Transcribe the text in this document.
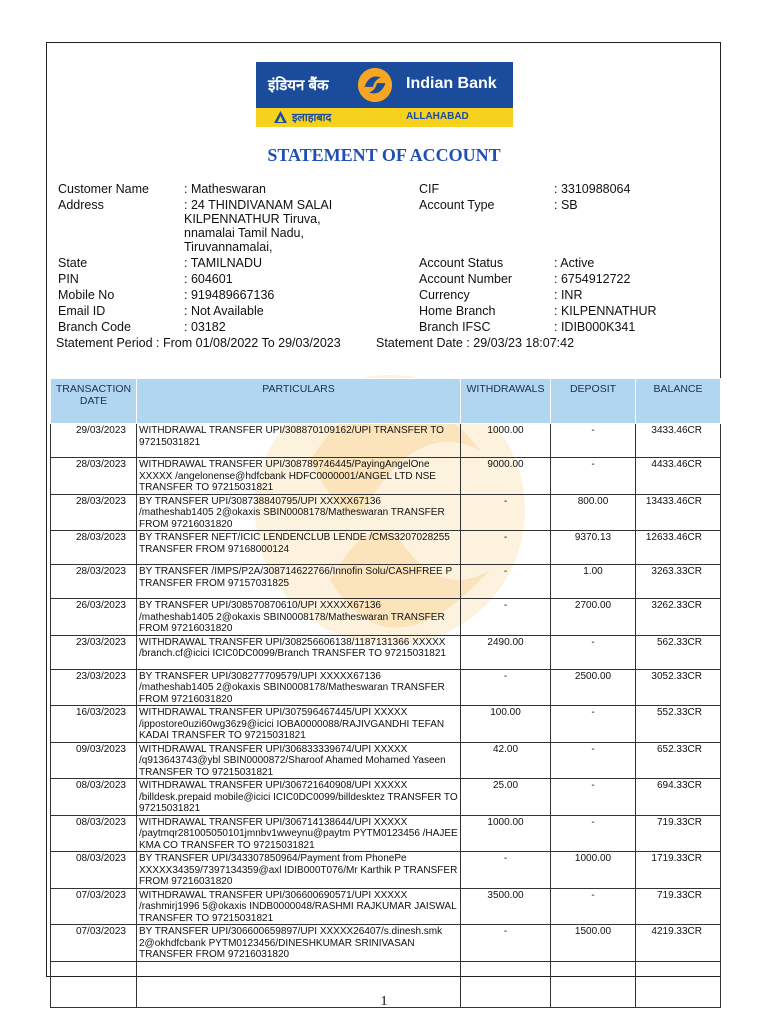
इंडियन बैंक	Indian Bank
इलाहाबाद	ALLAHABAD
STATEMENT OF ACCOUNT
Customer Name	: Matheswaran
Address	: 24 THINDIVANAM SALAI
KILPENNATHUR Tiruva,
nnamalai Tamil Nadu,
Tiruvannamalai,
State	: TAMILNADU
PIN	: 604601
Mobile No	: 919489667136
Email ID	: Not Available
Branch Code	: 03182
CIF	: 3310988064
Account Type	: SB
Account Status	: Active
Account Number	: 6754912722
Currency	: INR
Home Branch	: KILPENNATHUR
Branch IFSC	: IDIB000K341
Statement Period : From 01/08/2022 To 29/03/2023	Statement Date : 29/03/23 18:07:42
TRANSACTION DATE	PARTICULARS	WITHDRAWALS	DEPOSIT	BALANCE
29/03/2023	WITHDRAWAL TRANSFER UPI/308870109162/UPI TRANSFER TO 97215031821	1000.00	-	3433.46CR
28/03/2023	WITHDRAWAL TRANSFER UPI/308789746445/PayingAngelOne XXXXX /angelonense@hdfcbank HDFC0000001/ANGEL LTD NSE TRANSFER TO 97215031821	9000.00	-	4433.46CR
28/03/2023	BY TRANSFER UPI/308738840795/UPI XXXXX67136 /matheshab1405 2@okaxis SBIN0008178/Matheswaran TRANSFER FROM 97216031820	-	800.00	13433.46CR
28/03/2023	BY TRANSFER NEFT/ICIC LENDENCLUB LENDE /CMS3207028255 TRANSFER FROM 97168000124	-	9370.13	12633.46CR
28/03/2023	BY TRANSFER /IMPS/P2A/308714622766/Innofin Solu/CASHFREE P TRANSFER FROM 97157031825	-	1.00	3263.33CR
26/03/2023	BY TRANSFER UPI/308570870610/UPI XXXXX67136 /matheshab1405 2@okaxis SBIN0008178/Matheswaran TRANSFER FROM 97216031820	-	2700.00	3262.33CR
23/03/2023	WITHDRAWAL TRANSFER UPI/308256606138/1187131366 XXXXX /branch.cf@icici ICIC0DC0099/Branch TRANSFER TO 97215031821	2490.00	-	562.33CR
23/03/2023	BY TRANSFER UPI/308277709579/UPI XXXXX67136 /matheshab1405 2@okaxis SBIN0008178/Matheswaran TRANSFER FROM 97216031820	-	2500.00	3052.33CR
16/03/2023	WITHDRAWAL TRANSFER UPI/307596467445/UPI XXXXX /ippostore0uzi60wg36z9@icici IOBA0000088/RAJIVGANDHI TEFAN KADAI TRANSFER TO 97215031821	100.00	-	552.33CR
09/03/2023	WITHDRAWAL TRANSFER UPI/306833339674/UPI XXXXX /q913643743@ybl SBIN0000872/Sharoof Ahamed Mohamed Yaseen TRANSFER TO 97215031821	42.00	-	652.33CR
08/03/2023	WITHDRAWAL TRANSFER UPI/306721640908/UPI XXXXX /billdesk.prepaid mobile@icici ICIC0DC0099/billdesktez TRANSFER TO 97215031821	25.00	-	694.33CR
08/03/2023	WITHDRAWAL TRANSFER UPI/306714138644/UPI XXXXX /paytmqr281005050101jmnbv1wweynu@paytm PYTM0123456 /HAJEE KMA CO TRANSFER TO 97215031821	1000.00	-	719.33CR
08/03/2023	BY TRANSFER UPI/343307850964/Payment from PhonePe XXXXX34359/7397134359@axl IDIB000T076/Mr Karthik P TRANSFER FROM 97216031820	-	1000.00	1719.33CR
07/03/2023	WITHDRAWAL TRANSFER UPI/306600690571/UPI XXXXX /rashmirj1996 5@okaxis INDB0000048/RASHMI RAJKUMAR JAISWAL TRANSFER TO 97215031821	3500.00	-	719.33CR
07/03/2023	BY TRANSFER UPI/306600659897/UPI XXXXX26407/s.dinesh.smk 2@okhdfcbank PYTM0123456/DINESHKUMAR SRINIVASAN TRANSFER FROM 97216031820	-	1500.00	4219.33CR

1
